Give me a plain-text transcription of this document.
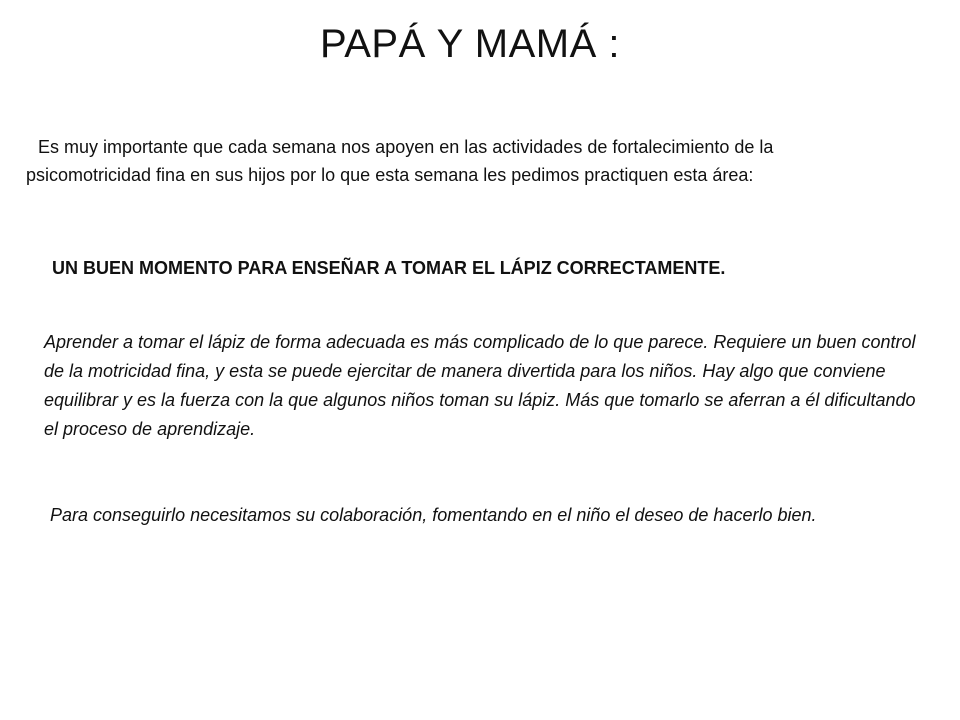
PAPÁ Y MAMÁ :

Es muy importante que cada semana nos apoyen en las actividades de fortalecimiento de la psicomotricidad fina en sus hijos por lo que esta semana les pedimos practiquen esta área:

UN BUEN MOMENTO PARA ENSEÑAR A TOMAR EL LÁPIZ CORRECTAMENTE.

Aprender a tomar el lápiz de forma adecuada es más complicado de lo que parece. Requiere un buen control de la motricidad fina, y esta se puede ejercitar de manera divertida para los niños. Hay algo que conviene equilibrar y es la fuerza con la que algunos niños toman su lápiz. Más que tomarlo se aferran a él dificultando el proceso de aprendizaje.

Para conseguirlo necesitamos su colaboración, fomentando en el niño el deseo de hacerlo bien.
